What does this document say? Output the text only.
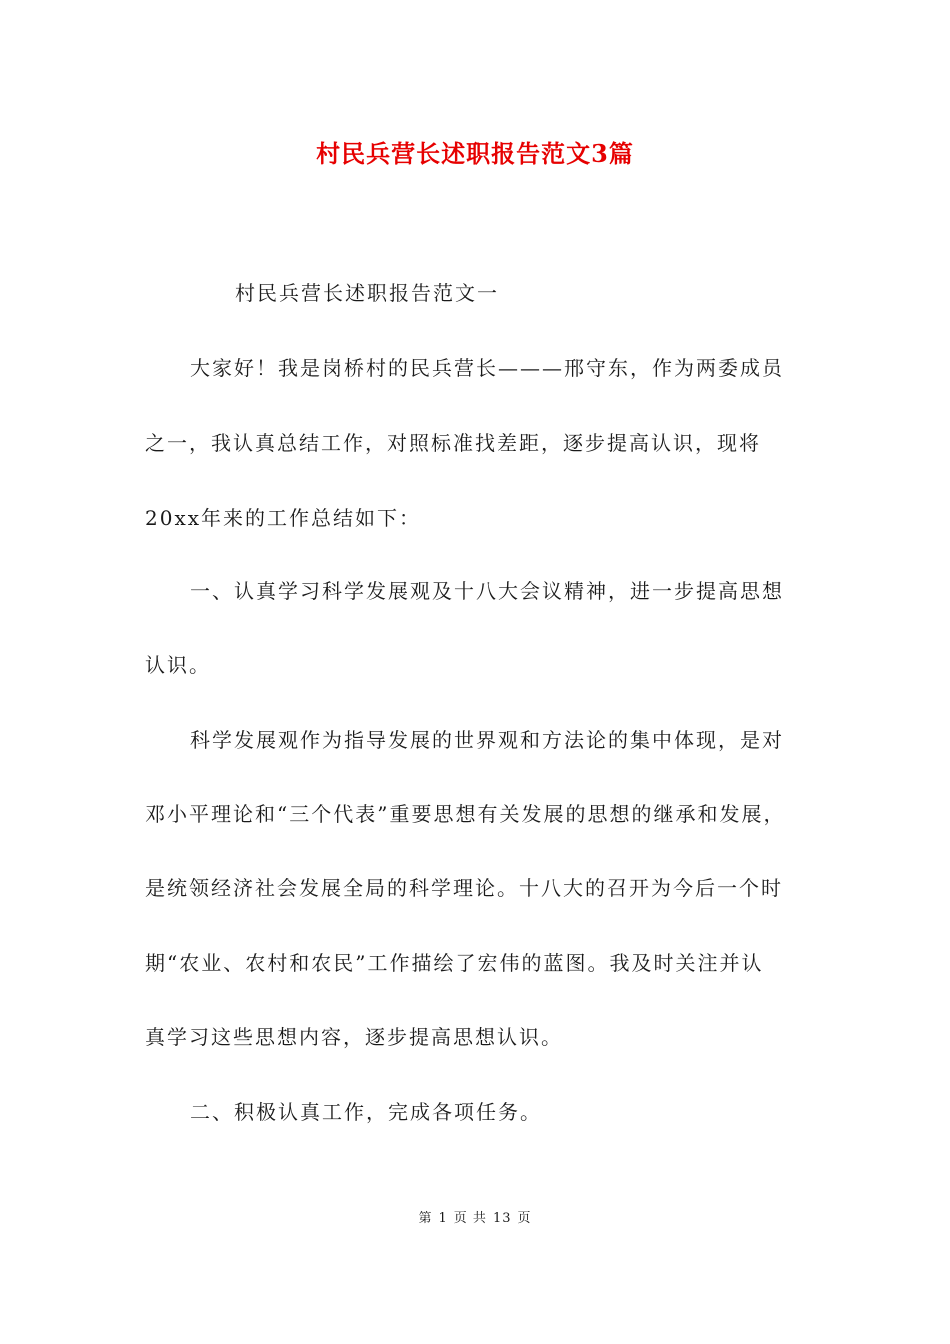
村民兵营长述职报告范文3篇
村民兵营长述职报告范文一
大家好！我是岗桥村的民兵营长———邢守东，作为两委成员
之一，我认真总结工作，对照标准找差距，逐步提高认识，现将
20xx年来的工作总结如下：
一、认真学习科学发展观及十八大会议精神，进一步提高思想
认识。
科学发展观作为指导发展的世界观和方法论的集中体现，是对
邓小平理论和“三个代表”重要思想有关发展的思想的继承和发展，
是统领经济社会发展全局的科学理论。十八大的召开为今后一个时
期“农业、农村和农民”工作描绘了宏伟的蓝图。我及时关注并认
真学习这些思想内容，逐步提高思想认识。
二、积极认真工作，完成各项任务。
第 1 页 共 13 页
